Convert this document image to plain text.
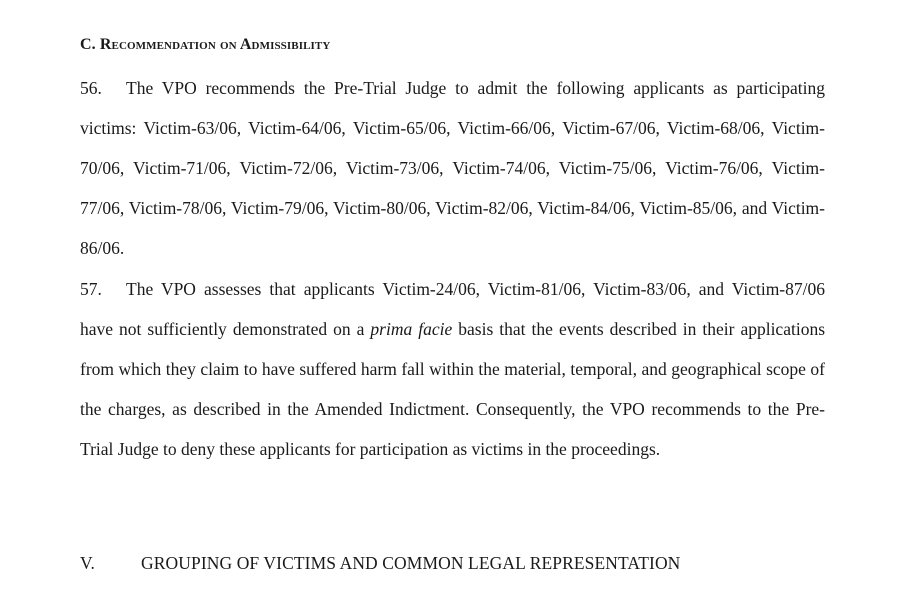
C. Recommendation on Admissibility

56. The VPO recommends the Pre-Trial Judge to admit the following applicants as participating victims: Victim-63/06, Victim-64/06, Victim-65/06, Victim-66/06, Victim-67/06, Victim-68/06, Victim-70/06, Victim-71/06, Victim-72/06, Victim-73/06, Victim-74/06, Victim-75/06, Victim-76/06, Victim-77/06, Victim-78/06, Victim-79/06, Victim-80/06, Victim-82/06, Victim-84/06, Victim-85/06, and Victim-86/06.

57. The VPO assesses that applicants Victim-24/06, Victim-81/06, Victim-83/06, and Victim-87/06 have not sufficiently demonstrated on a prima facie basis that the events described in their applications from which they claim to have suffered harm fall within the material, temporal, and geographical scope of the charges, as described in the Amended Indictment. Consequently, the VPO recommends to the Pre-Trial Judge to deny these applicants for participation as victims in the proceedings.

V.	GROUPING OF VICTIMS AND COMMON LEGAL REPRESENTATION
